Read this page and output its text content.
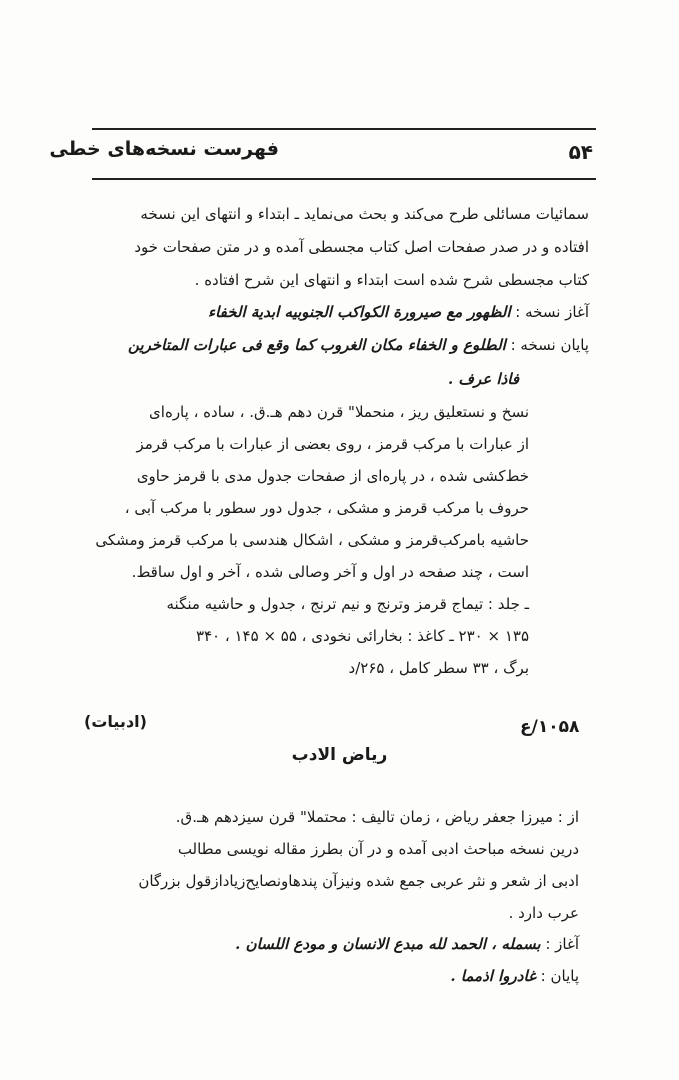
فهرست نسخه‌های خطی	۵۴
سمائیات مسائلی طرح می‌کند و بحث می‌نماید ـ ابتداء و انتهای این نسخه
افتاده و در صدر صفحات اصل کتاب مجسطی آمده و در متن صفحات خود
کتاب مجسطی شرح شده است ابتداء و انتهای این شرح افتاده .
آغاز نسخه : الظهور مع صیرورة الکواکب الجنوبیه ابدیة الخفاء
پایان نسخه : الطلوع و الخفاء مکان الغروب کما وقع فی عبارات المتاخرین
فاذا عرف .
نسخ و نستعلیق ریز ، منحملا" قرن دهم هـ.ق. ، ساده ، پاره‌ای
از عبارات با مرکب قرمز ، روی بعضی از عبارات با مرکب قرمز
خط‌کشی شده ، در پاره‌ای از صفحات جدول مدی با قرمز حاوی
حروف با مرکب قرمز و مشکی ، جدول دور سطور با مرکب آبی ،
حاشیه بامرکب‌قرمز و مشکی ، اشکال هندسی با مرکب قرمز ومشکی
است ، چند صفحه در اول و آخر وصالی شده ، آخر و اول ساقط.
ـ جلد : تیماج قرمز وترنج و نیم ترنج ، جدول و حاشیه منگنه
۱۳۵ × ۲۳۰ ـ کاغذ : بخارائی نخودی ، ۵۵ × ۱۴۵ ، ۳۴۰
برگ ، ۳۳ سطر کامل ، ۲۶۵/د
۱۰۵۸/ع
(ادبیات)
ریاض الادب
از : میرزا جعفر ریاض ، زمان تالیف : محتملا" قرن سیزدهم هـ.ق.
درین نسخه مباحث ادبی آمده و در آن بطرز مقاله نویسی مطالب
ادبی از شعر و نثر عربی جمع شده ونیزآن پندهاونصایح‌زیادازقول بزرگان
عرب دارد .
آغاز : بسمله ، الحمد لله مبدع الانسان و مودع اللسان .
پایان : غادروا اذمما .
